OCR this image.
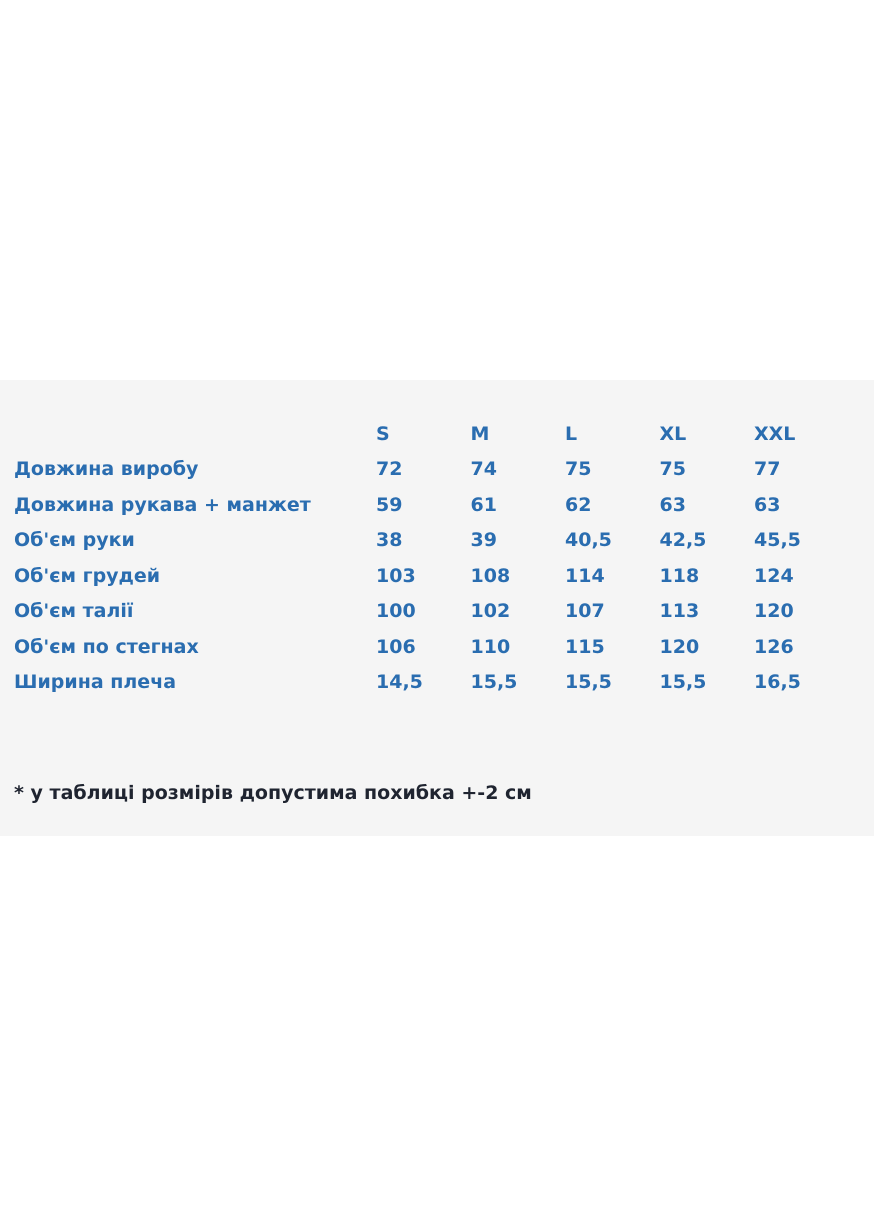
	S	M	L	XL	XXL
Довжина виробу	72	74	75	75	77
Довжина рукава + манжет	59	61	62	63	63
Об'єм руки	38	39	40,5	42,5	45,5
Об'єм грудей	103	108	114	118	124
Об'єм талії	100	102	107	113	120
Об'єм по стегнах	106	110	115	120	126
Ширина плеча	14,5	15,5	15,5	15,5	16,5
* у таблиці розмірів допустима похибка +-2 см
